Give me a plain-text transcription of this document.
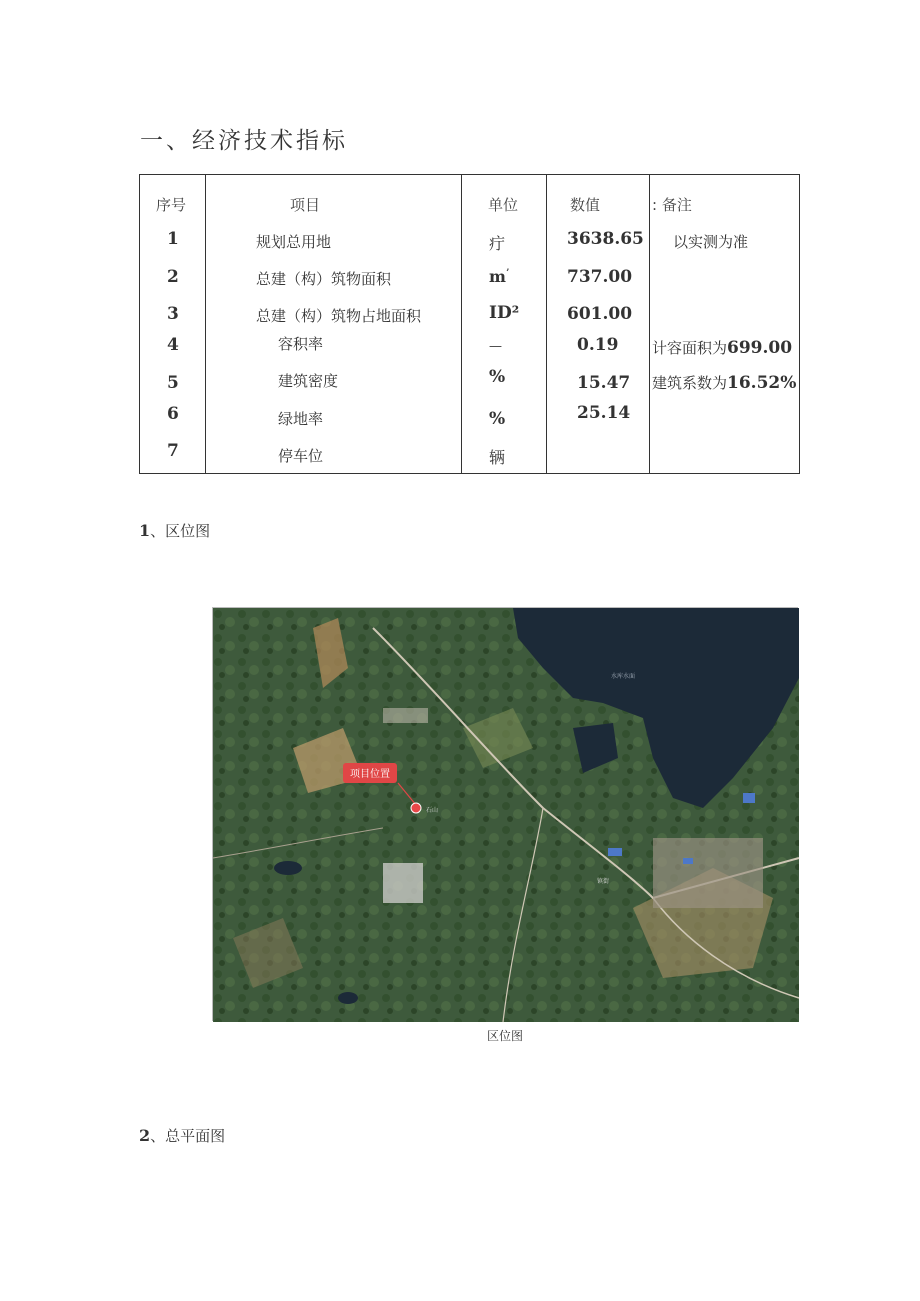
一、经济技术指标
序号	项目	单位	数值	: 备注
1	规划总用地	疔	3638.65 以实测为准
2	总建（构）筑物面积	$m^ʼ$	737.00
3	总建（构）筑物占地面积	ID²	601.00
4	容积率	—	0.19 计容面积为699.00
5	建筑密度	%	15.47 建筑系数为16.52%
6	绿地率	%	25.14
7	停车位	辆
1、区位图
项目位置
石山
水库水面
镇街
区位图
2、总平面图
